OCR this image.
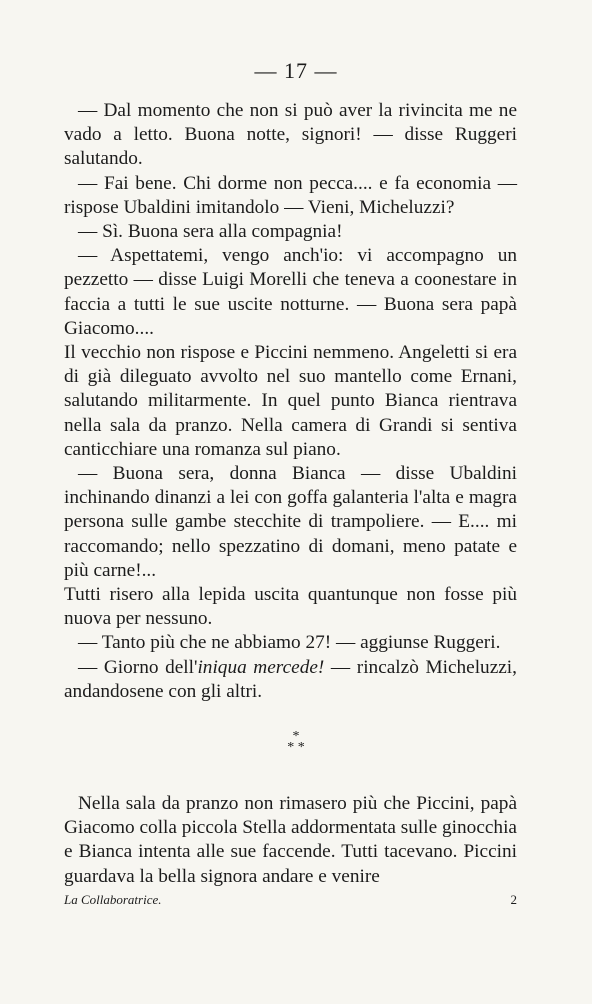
— 17 —

— Dal momento che non si può aver la rivincita me ne vado a letto. Buona notte, signori! — disse Ruggeri salutando.

— Fai bene. Chi dorme non pecca.... e fa economia — rispose Ubaldini imitandolo — Vieni, Micheluzzi?

— Sì. Buona sera alla compagnia!

— Aspettatemi, vengo anch'io: vi accompagno un pezzetto — disse Luigi Morelli che teneva a coonestare in faccia a tutti le sue uscite notturne. — Buona sera papà Giacomo....

Il vecchio non rispose e Piccini nemmeno. Angeletti si era di già dileguato avvolto nel suo mantello come Ernani, salutando militarmente. In quel punto Bianca rientrava nella sala da pranzo. Nella camera di Grandi si sentiva canticchiare una romanza sul piano.

— Buona sera, donna Bianca — disse Ubaldini inchinando dinanzi a lei con goffa galanteria l'alta e magra persona sulle gambe stecchite di trampoliere. — E.... mi raccomando; nello spezzatino di domani, meno patate e più carne!...

Tutti risero alla lepida uscita quantunque non fosse più nuova per nessuno.

— Tanto più che ne abbiamo 27! — aggiunse Ruggeri.

— Giorno dell'iniqua mercede! — rincalzò Micheluzzi, andandosene con gli altri.

*
* *

Nella sala da pranzo non rimasero più che Piccini, papà Giacomo colla piccola Stella addormentata sulle ginocchia e Bianca intenta alle sue faccende. Tutti tacevano. Piccini guardava la bella signora andare e venire

La Collaboratrice.	2
